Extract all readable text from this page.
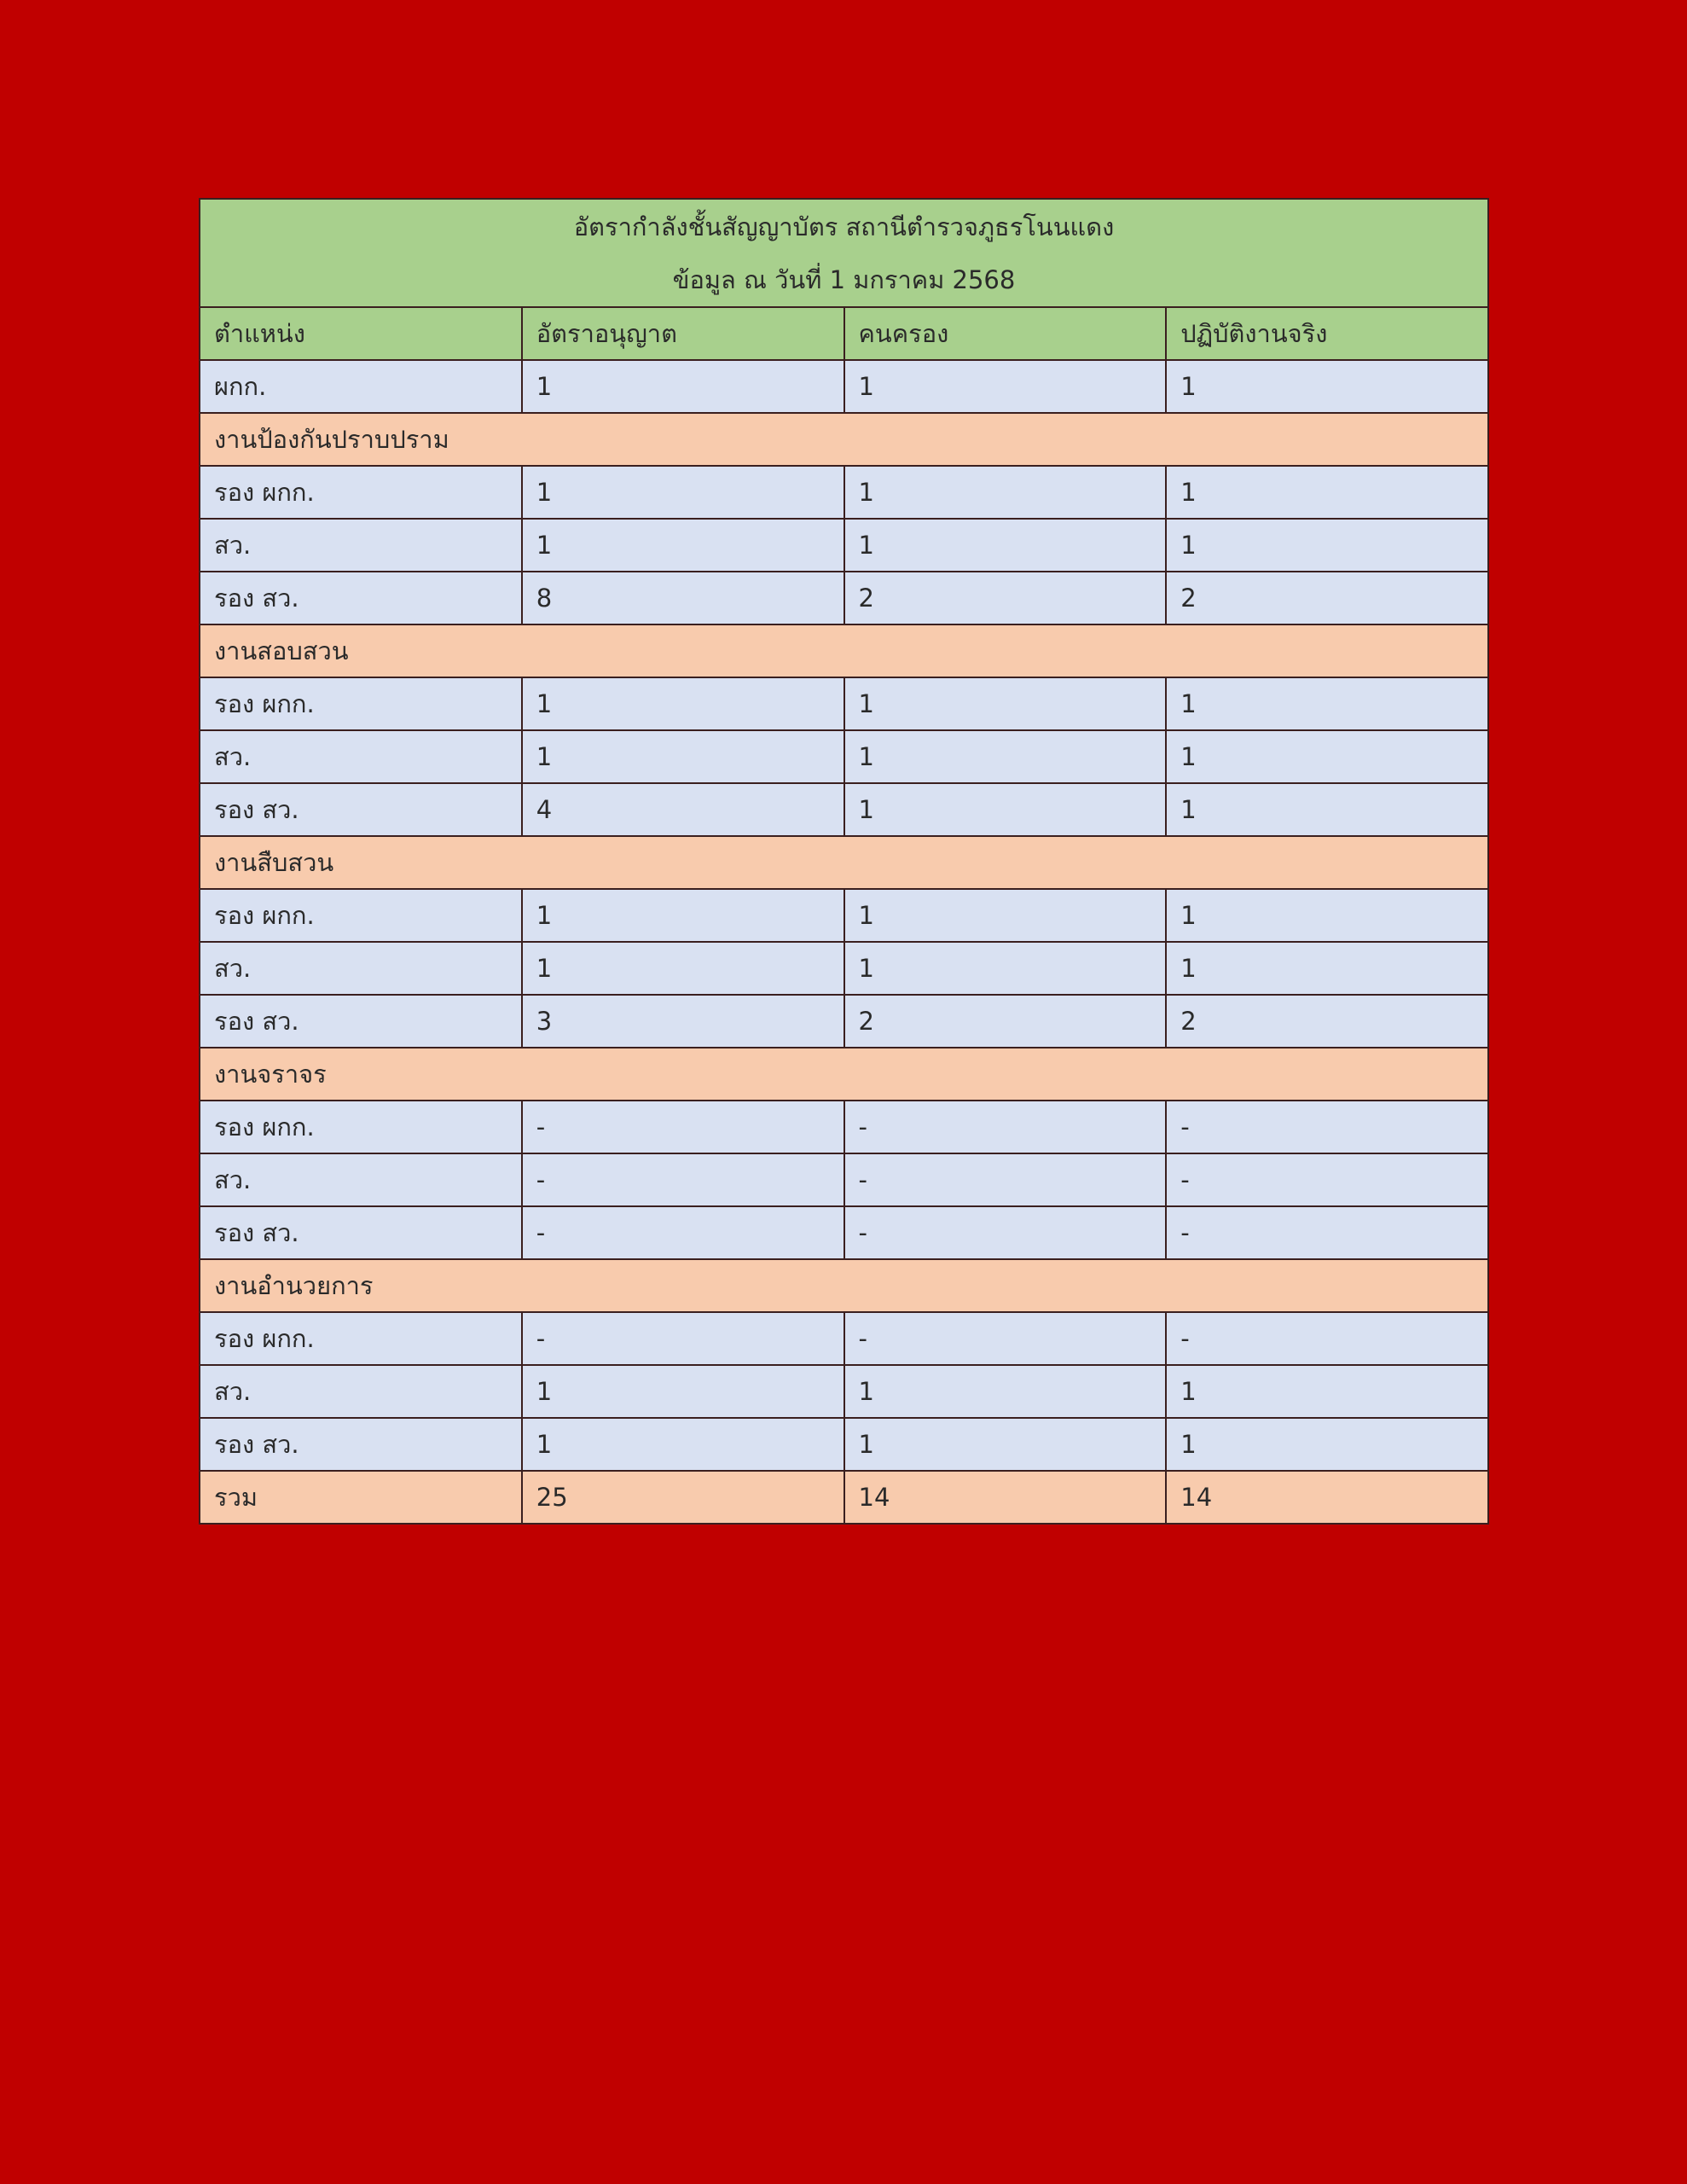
อัตรากำลังชั้นสัญญาบัตร สถานีตำรวจภูธรโนนแดง
ข้อมูล ณ วันที่ 1 มกราคม 2568			

ตำแหน่ง	อัตราอนุญาต	คนครอง	ปฏิบัติงานจริง
ผกก.	1	1	1
งานป้องกันปราบปราม			
รอง ผกก.	1	1	1
สว.	1	1	1
รอง สว.	8	2	2
งานสอบสวน			
รอง ผกก.	1	1	1
สว.	1	1	1
รอง สว.	4	1	1
งานสืบสวน			
รอง ผกก.	1	1	1
สว.	1	1	1
รอง สว.	3	2	2
งานจราจร			
รอง ผกก.	-	-	-
สว.	-	-	-
รอง สว.	-	-	-
งานอำนวยการ			
รอง ผกก.	-	-	-
สว.	1	1	1
รอง สว.	1	1	1
รวม	25	14	14
